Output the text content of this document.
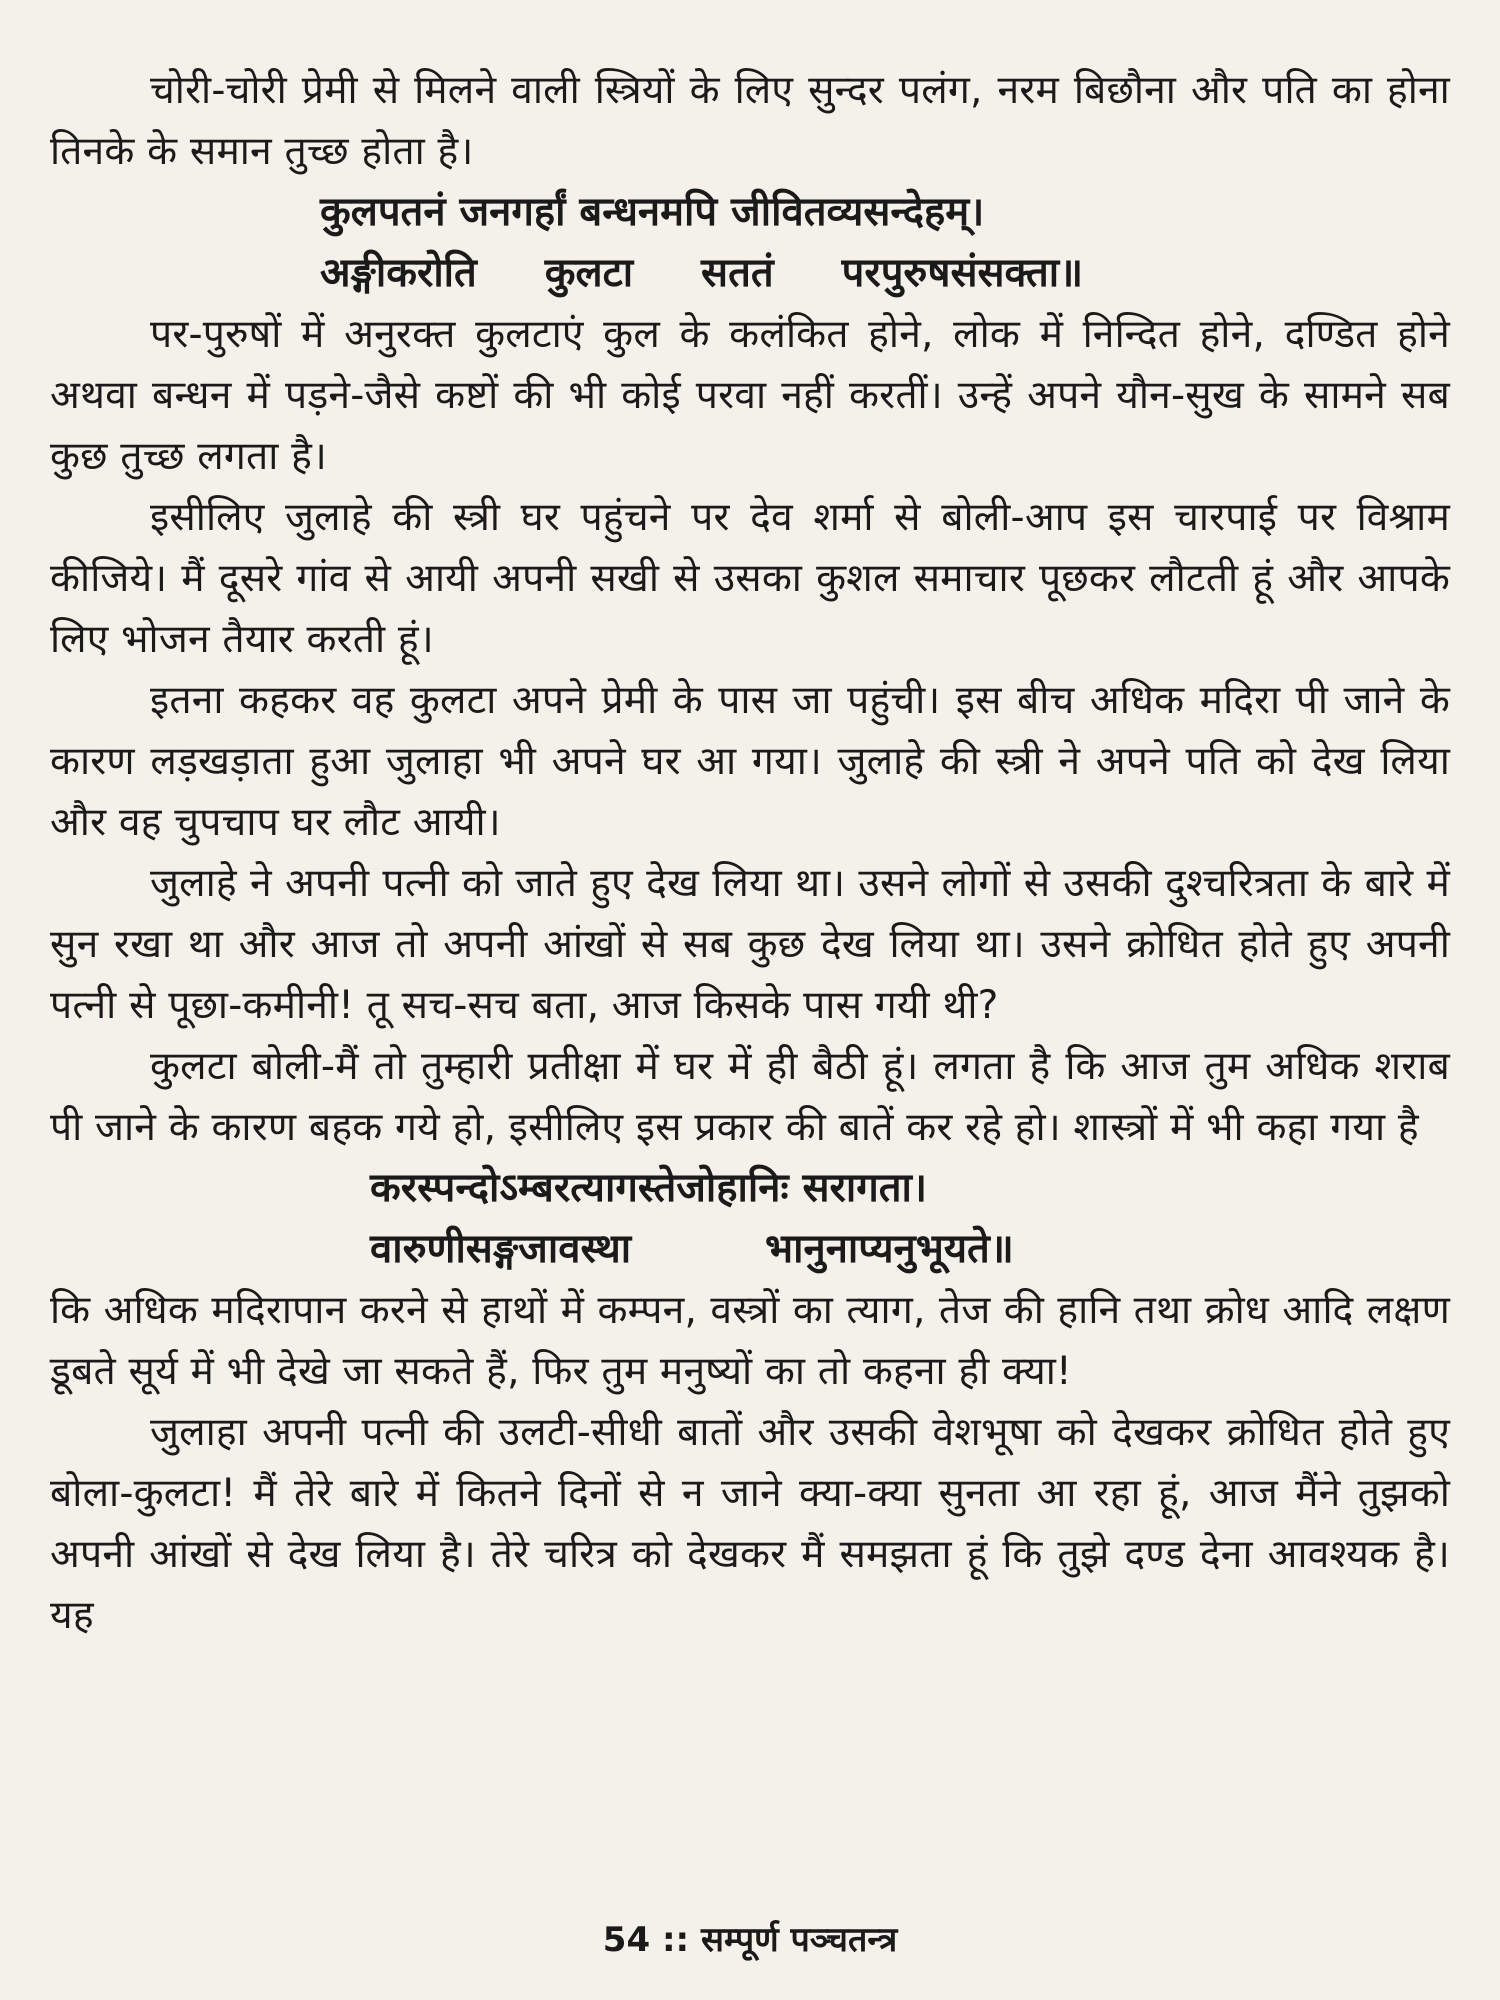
चोरी-चोरी प्रेमी से मिलने वाली स्त्रियों के लिए सुन्दर पलंग, नरम बिछौना और पति का होना तिनके के समान तुच्छ होता है।

कुलपतनं जनगर्हां बन्धनमपि जीवितव्यसन्देहम्।

अङ्गीकरोति कुलटा सततं परपुरुषसंसक्ता॥

पर-पुरुषों में अनुरक्त कुलटाएं कुल के कलंकित होने, लोक में निन्दित होने, दण्डित होने अथवा बन्धन में पड़ने-जैसे कष्टों की भी कोई परवा नहीं करतीं। उन्हें अपने यौन-सुख के सामने सब कुछ तुच्छ लगता है।

इसीलिए जुलाहे की स्त्री घर पहुंचने पर देव शर्मा से बोली-आप इस चारपाई पर विश्राम कीजिये। मैं दूसरे गांव से आयी अपनी सखी से उसका कुशल समाचार पूछकर लौटती हूं और आपके लिए भोजन तैयार करती हूं।

इतना कहकर वह कुलटा अपने प्रेमी के पास जा पहुंची। इस बीच अधिक मदिरा पी जाने के कारण लड़खड़ाता हुआ जुलाहा भी अपने घर आ गया। जुलाहे की स्त्री ने अपने पति को देख लिया और वह चुपचाप घर लौट आयी।

जुलाहे ने अपनी पत्नी को जाते हुए देख लिया था। उसने लोगों से उसकी दुश्चरित्रता के बारे में सुन रखा था और आज तो अपनी आंखों से सब कुछ देख लिया था। उसने क्रोधित होते हुए अपनी पत्नी से पूछा-कमीनी! तू सच-सच बता, आज किसके पास गयी थी?

कुलटा बोली-मैं तो तुम्हारी प्रतीक्षा में घर में ही बैठी हूं। लगता है कि आज तुम अधिक शराब पी जाने के कारण बहक गये हो, इसीलिए इस प्रकार की बातें कर रहे हो। शास्त्रों में भी कहा गया है

करस्पन्दोऽम्बरत्यागस्तेजोहानिः सरागता।

वारुणीसङ्गजावस्था भानुनाप्यनुभूयते॥

कि अधिक मदिरापान करने से हाथों में कम्पन, वस्त्रों का त्याग, तेज की हानि तथा क्रोध आदि लक्षण डूबते सूर्य में भी देखे जा सकते हैं, फिर तुम मनुष्यों का तो कहना ही क्या!

जुलाहा अपनी पत्नी की उलटी-सीधी बातों और उसकी वेशभूषा को देखकर क्रोधित होते हुए बोला-कुलटा! मैं तेरे बारे में कितने दिनों से न जाने क्या-क्या सुनता आ रहा हूं, आज मैंने तुझको अपनी आंखों से देख लिया है। तेरे चरित्र को देखकर मैं समझता हूं कि तुझे दण्ड देना आवश्यक है। यह

54 :: सम्पूर्ण पञ्चतन्त्र
